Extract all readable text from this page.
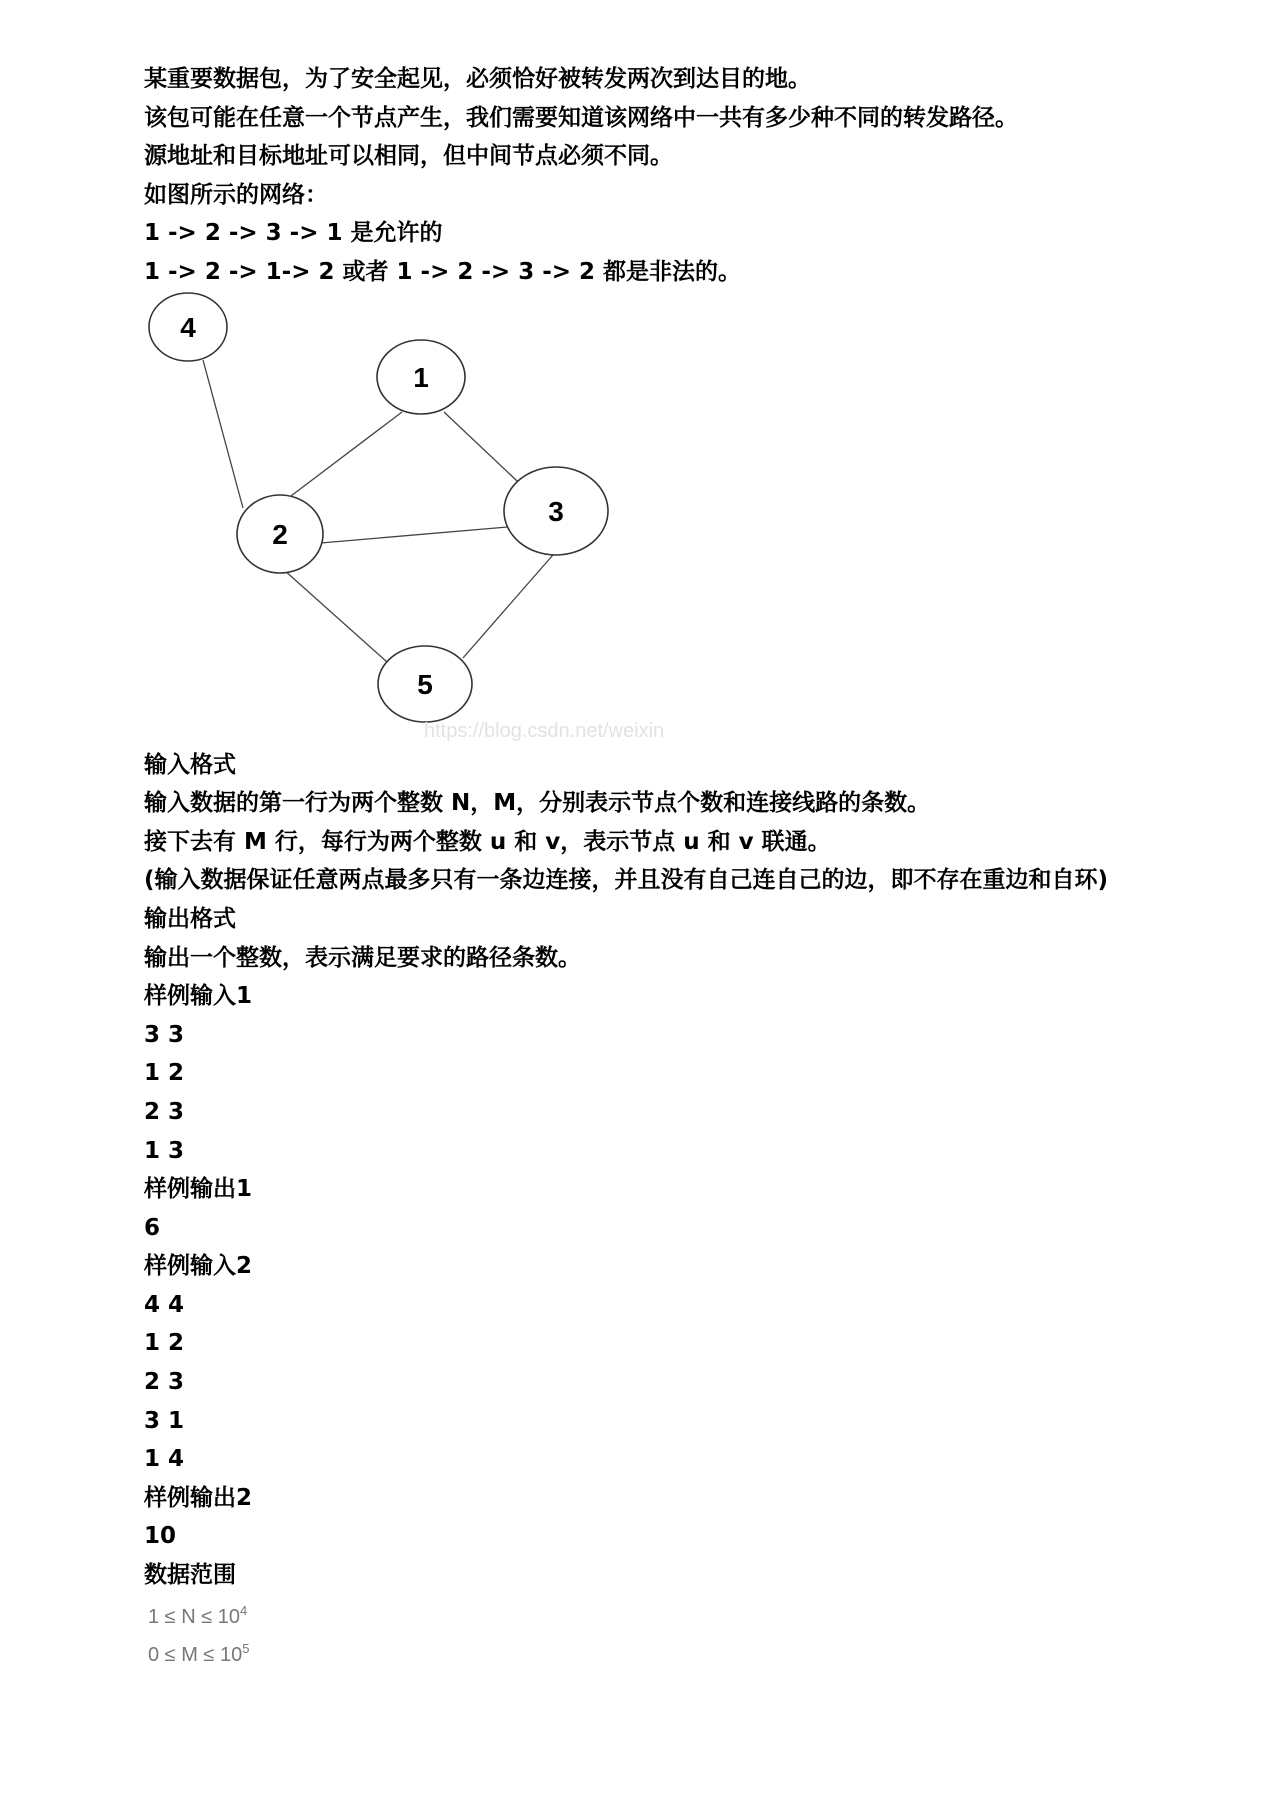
某重要数据包，为了安全起见，必须恰好被转发两次到达目的地。

该包可能在任意一个节点产生，我们需要知道该网络中一共有多少种不同的转发路径。

源地址和目标地址可以相同，但中间节点必须不同。

如图所示的网络：

1 -> 2 -> 3 -> 1 是允许的

1 -> 2 -> 1-> 2 或者 1 -> 2 -> 3 -> 2 都是非法的。

4
1
2
3
5
https://blog.csdn.net/weixin

输入格式

输入数据的第一行为两个整数 N，M，分别表示节点个数和连接线路的条数。

接下去有 M 行，每行为两个整数 u 和 v，表示节点 u 和 v 联通。

(输入数据保证任意两点最多只有一条边连接，并且没有自己连自己的边，即不存在重边和自环)

输出格式

输出一个整数，表示满足要求的路径条数。

样例输入1

3 3

1 2

2 3

1 3

样例输出1

6

样例输入2

4 4

1 2

2 3

3 1

1 4

样例输出2

10

数据范围

$1 \le N \le 10^4$
$0 \le M \le 10^5$
